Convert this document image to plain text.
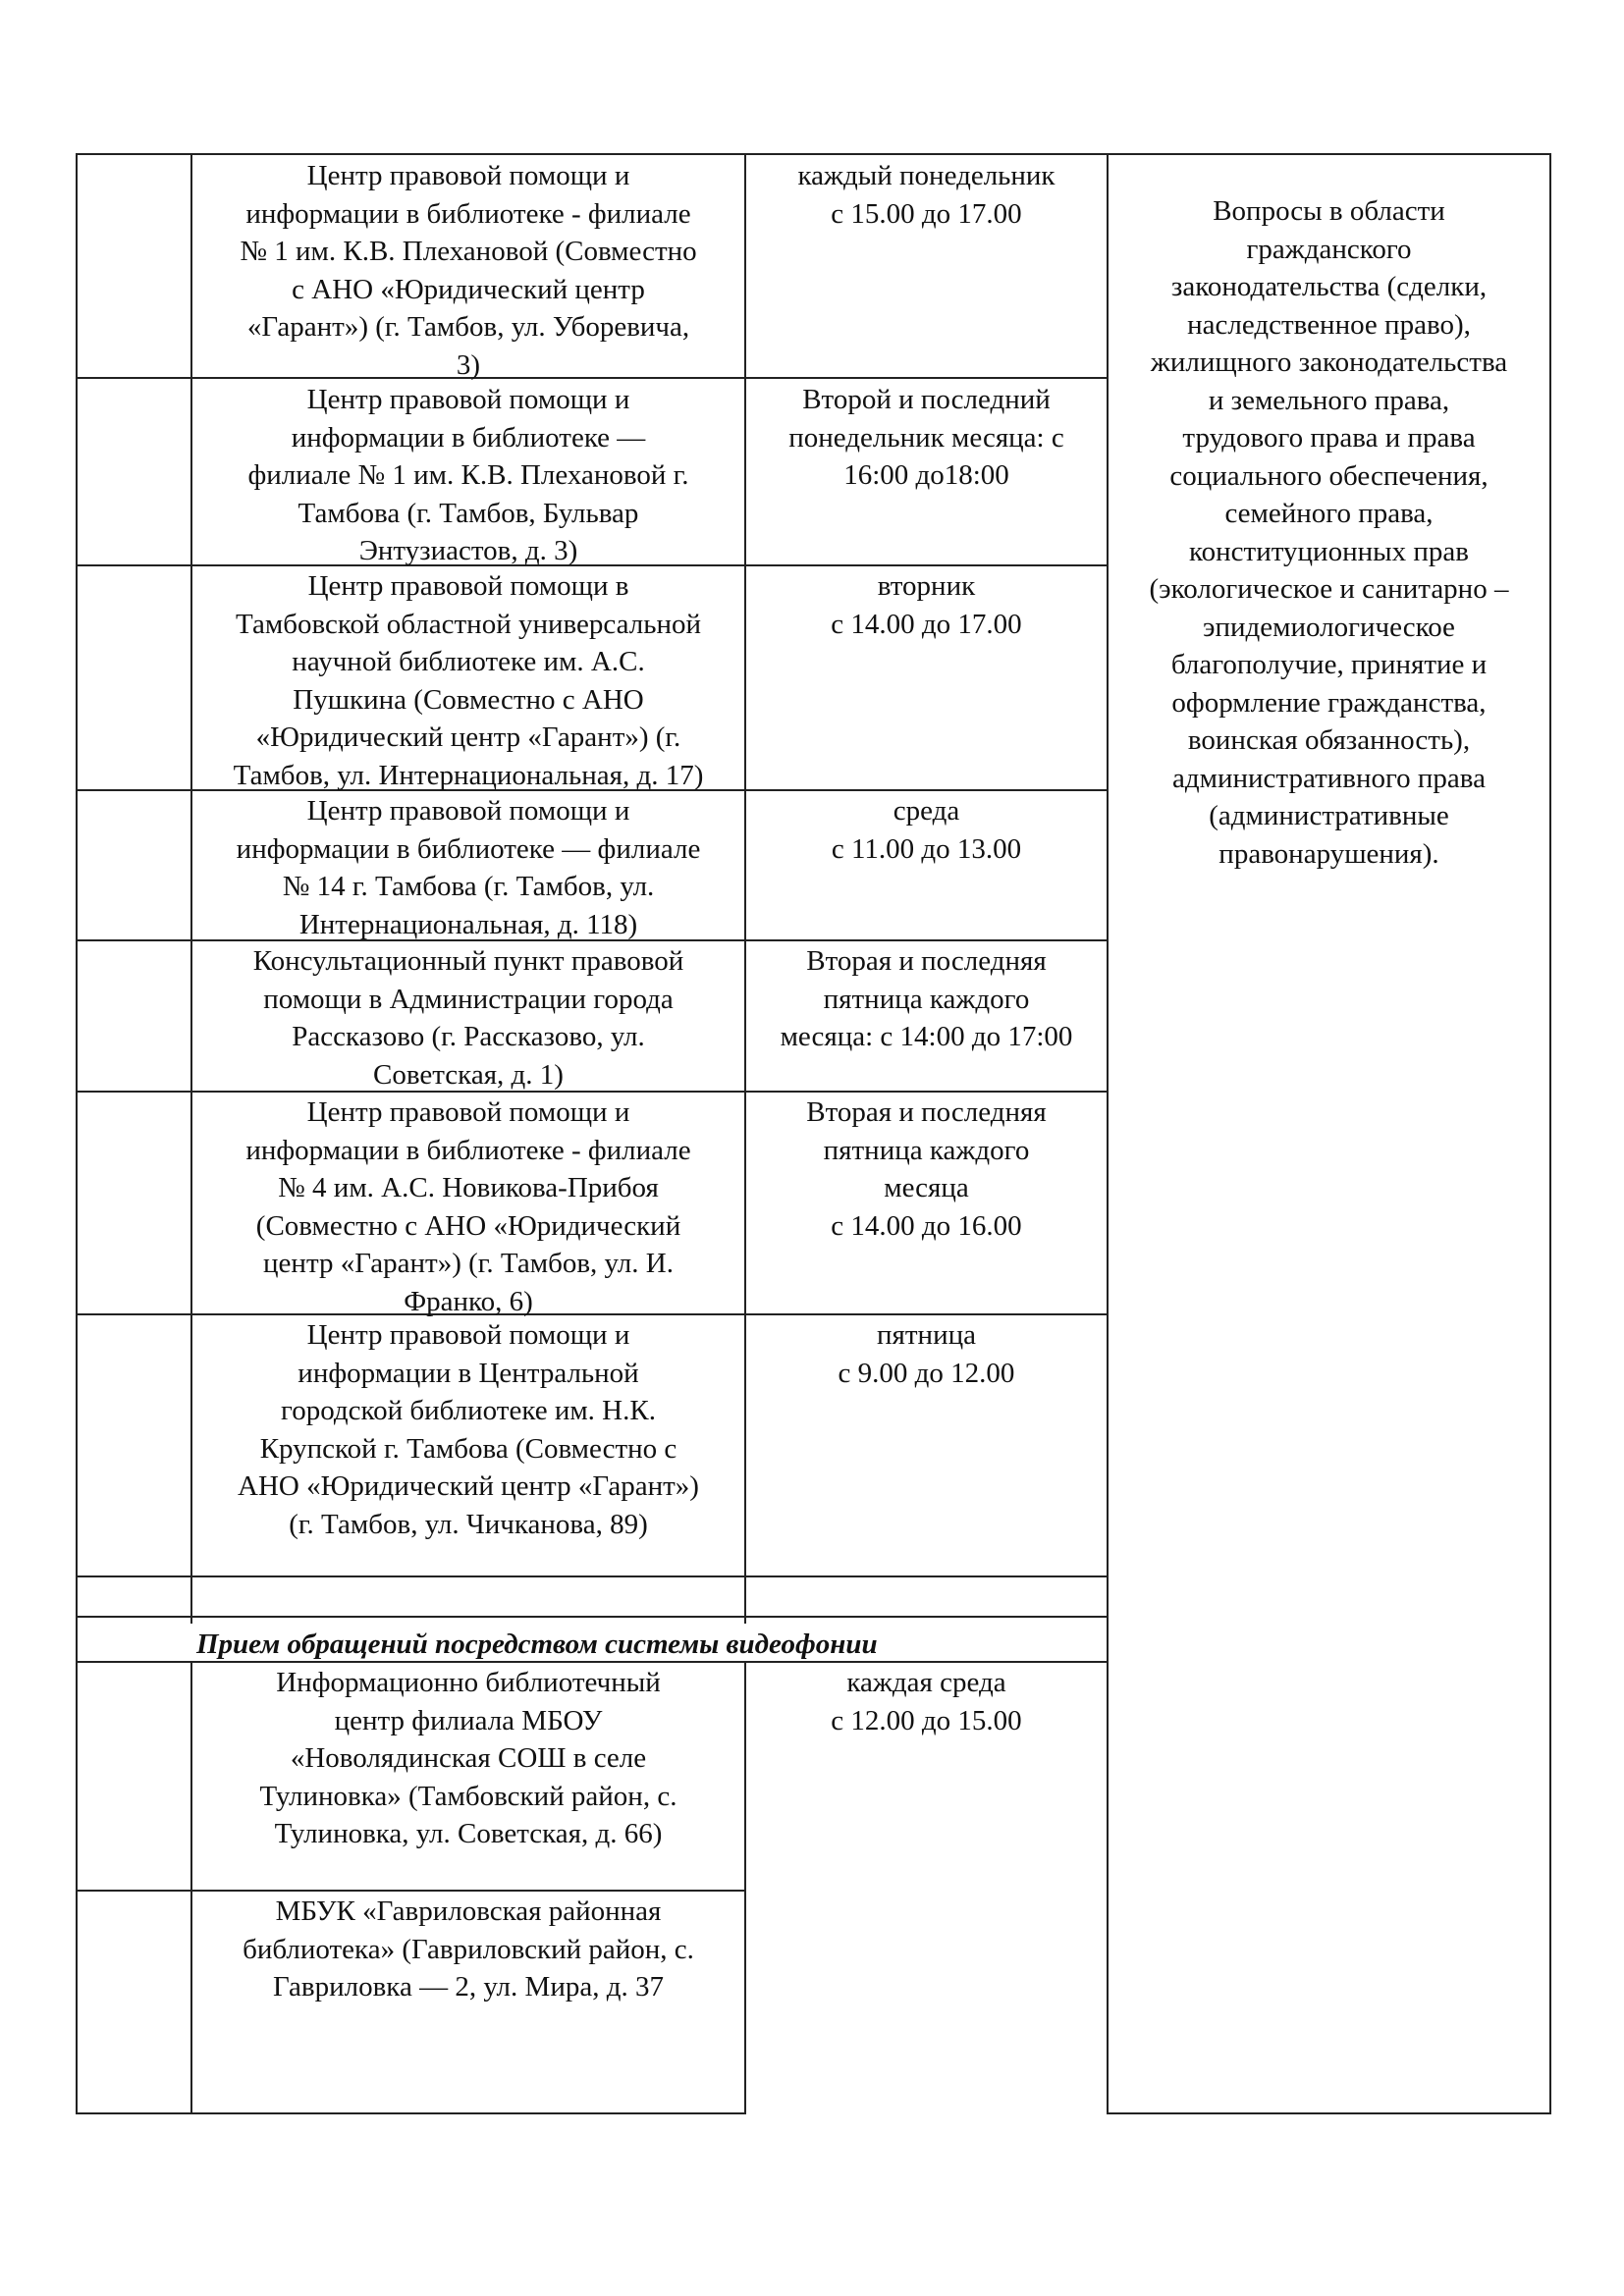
Центр правовой помощи и
информации в библиотеке - филиале
№ 1 им. К.В. Плехановой (Совместно
с АНО «Юридический центр
«Гарант») (г. Тамбов, ул. Уборевича,
3)
каждый понедельник
с 15.00 до 17.00
Центр правовой помощи и
информации в библиотеке —
филиале № 1 им. К.В. Плехановой г.
Тамбова (г. Тамбов, Бульвар
Энтузиастов, д. 3)
Второй и последний
понедельник месяца: с
16:00 до18:00
Центр правовой помощи в
Тамбовской областной универсальной
научной библиотеке им. А.С.
Пушкина (Совместно с АНО
«Юридический центр «Гарант») (г.
Тамбов, ул. Интернациональная, д. 17)
вторник
с 14.00 до 17.00
Центр правовой помощи и
информации в библиотеке — филиале
№ 14 г. Тамбова (г. Тамбов, ул.
Интернациональная, д. 118)
среда
с 11.00 до 13.00
Консультационный пункт правовой
помощи в Администрации города
Рассказово (г. Рассказово, ул.
Советская, д. 1)
Вторая и последняя
пятница каждого
месяца: с 14:00 до 17:00
Центр правовой помощи и
информации в библиотеке - филиале
№ 4 им. А.С. Новикова-Прибоя
(Совместно с АНО «Юридический
центр «Гарант») (г. Тамбов, ул. И.
Франко, 6)
Вторая и последняя
пятница каждого
месяца
с 14.00 до 16.00
Центр правовой помощи и
информации в Центральной
городской библиотеке им. Н.К.
Крупской г. Тамбова (Совместно с
АНО «Юридический центр «Гарант»)
(г. Тамбов, ул. Чичканова, 89)
пятница
с 9.00 до 12.00
Вопросы в области
гражданского
законодательства (сделки,
наследственное право),
жилищного законодательства
и земельного права,
трудового права и права
социального обеспечения,
семейного права,
конституционных прав
(экологическое и санитарно –
эпидемиологическое
благополучие, принятие и
оформление гражданства,
воинская обязанность),
административного права
(административные
правонарушения).
Прием обращений посредством системы видеофонии
Информационно библиотечный
центр филиала МБОУ
«Новолядинская СОШ в селе
Тулиновка» (Тамбовский район, с.
Тулиновка, ул. Советская, д. 66)
МБУК «Гавриловская районная
библиотека» (Гавриловский район, с.
Гавриловка — 2, ул. Мира, д. 37
каждая среда
с 12.00 до 15.00
